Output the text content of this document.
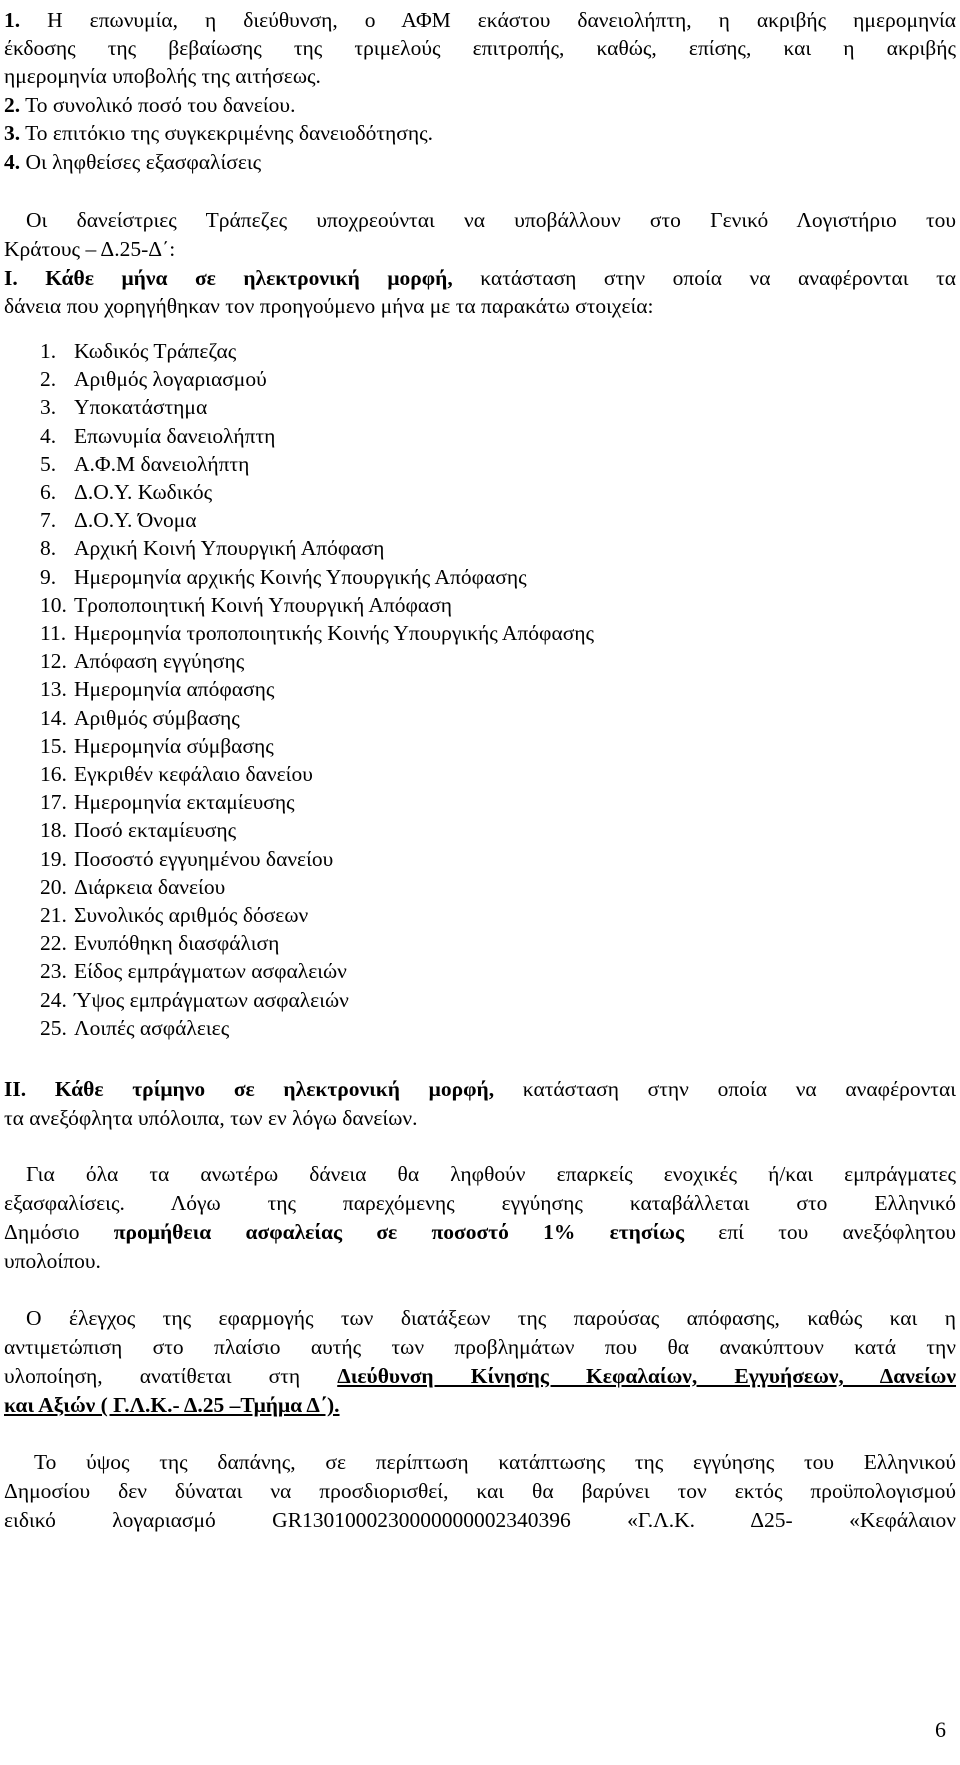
1. Η επωνυμία, η διεύθυνση, ο ΑΦΜ εκάστου δανειολήπτη, η ακριβής ημερομηνία
έκδοσης της βεβαίωσης της τριμελούς επιτροπής, καθώς, επίσης, και η ακριβής
ημερομηνία υποβολής της αιτήσεως.
2. Το συνολικό ποσό του δανείου.
3. Το επιτόκιο της συγκεκριμένης δανειοδότησης.
4. Οι ληφθείσες εξασφαλίσεις
Οι δανείστριες Τράπεζες υποχρεούνται να υποβάλλουν στο Γενικό Λογιστήριο του
Κράτους – Δ.25-Δ΄:
Ι. Κάθε μήνα σε ηλεκτρονική μορφή, κατάσταση στην οποία να αναφέρονται τα
δάνεια που χορηγήθηκαν τον προηγούμενο μήνα με τα παρακάτω στοιχεία:
1. Κωδικός Τράπεζας
2. Αριθμός λογαριασμού
3. Υποκατάστημα
4. Επωνυμία δανειολήπτη
5. Α.Φ.Μ δανειολήπτη
6. Δ.Ο.Υ. Κωδικός
7. Δ.Ο.Υ. Όνομα
8. Αρχική Κοινή Υπουργική Απόφαση
9. Ημερομηνία αρχικής Κοινής Υπουργικής Απόφασης
10. Τροποποιητική Κοινή Υπουργική Απόφαση
11. Ημερομηνία τροποποιητικής Κοινής Υπουργικής Απόφασης
12. Απόφαση εγγύησης
13. Ημερομηνία απόφασης
14. Αριθμός σύμβασης
15. Ημερομηνία σύμβασης
16. Εγκριθέν κεφάλαιο δανείου
17. Ημερομηνία εκταμίευσης
18. Ποσό εκταμίευσης
19. Ποσοστό εγγυημένου δανείου
20. Διάρκεια δανείου
21. Συνολικός αριθμός δόσεων
22. Ενυπόθηκη διασφάλιση
23. Είδος εμπράγματων ασφαλειών
24. Ύψος εμπράγματων ασφαλειών
25. Λοιπές ασφάλειες
ΙΙ. Κάθε τρίμηνο σε ηλεκτρονική μορφή, κατάσταση στην οποία να αναφέρονται
τα ανεξόφλητα υπόλοιπα, των εν λόγω δανείων.
Για όλα τα ανωτέρω δάνεια θα ληφθούν επαρκείς ενοχικές ή/και εμπράγματες
εξασφαλίσεις. Λόγω της παρεχόμενης εγγύησης καταβάλλεται στο Ελληνικό
Δημόσιο προμήθεια ασφαλείας σε ποσοστό 1% ετησίως επί του ανεξόφλητου
υπολοίπου.
Ο έλεγχος της εφαρμογής των διατάξεων της παρούσας απόφασης, καθώς και η
αντιμετώπιση στο πλαίσιο αυτής των προβλημάτων που θα ανακύπτουν κατά την
υλοποίηση, ανατίθεται στη Διεύθυνση Κίνησης Κεφαλαίων, Εγγυήσεων, Δανείων
και Αξιών ( Γ.Λ.Κ.- Δ.25 –Τμήμα Δ΄).
Το ύψος της δαπάνης, σε περίπτωση κατάπτωσης της εγγύησης του Ελληνικού
Δημοσίου δεν δύναται να προσδιορισθεί, και θα βαρύνει τον εκτός προϋπολογισμού
ειδικό λογαριασμό GR1301000230000000002340396 «Γ.Λ.Κ. Δ25- «Κεφάλαιον
6
